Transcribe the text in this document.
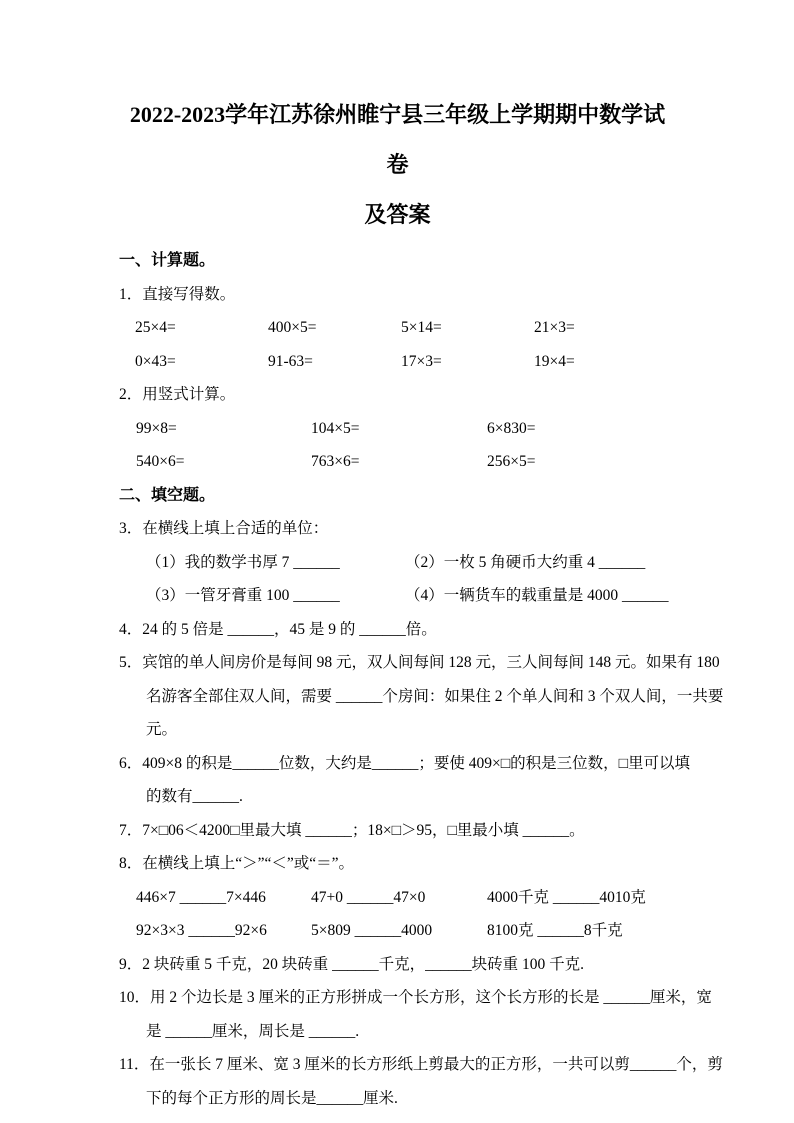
2022-2023学年江苏徐州睢宁县三年级上学期期中数学试卷
及答案
一、计算题。
1．直接写得数。
25×4=	400×5=	5×14=	21×3=
0×43=	91-63=	17×3=	19×4=
2．用竖式计算。
99×8=	104×5=	6×830=
540×6=	763×6=	256×5=
二、填空题。
3．在横线上填上合适的单位：
（1）我的数学书厚 7 ______	（2）一枚 5 角硬币大约重 4 ______
（3）一管牙膏重 100 ______	（4）一辆货车的载重量是 4000 ______
4．24 的 5 倍是 ______，45 是 9 的 ______倍。
5．宾馆的单人间房价是每间 98 元，双人间每间 128 元，三人间每间 148 元。如果有 180
名游客全部住双人间，需要 ______个房间：如果住 2 个单人间和 3 个双人间，一共要
元。
6．409×8 的积是______位数，大约是______；要使 409×□的积是三位数，□里可以填
的数有______.
7．7×□06＜4200□里最大填 ______；18×□＞95，□里最小填 ______。
8．在横线上填上“＞”“＜”或“＝”。
446×7 ______7×446	47+0 ______47×0	4000千克 ______4010克
92×3×3 ______92×6	5×809 ______4000	8100克 ______8千克
9．2 块砖重 5 千克，20 块砖重 ______千克，______块砖重 100 千克.
10．用 2 个边长是 3 厘米的正方形拼成一个长方形，这个长方形的长是 ______厘米，宽
是 ______厘米，周长是 ______.
11．在一张长 7 厘米、宽 3 厘米的长方形纸上剪最大的正方形，一共可以剪______个，剪
下的每个正方形的周长是______厘米.
